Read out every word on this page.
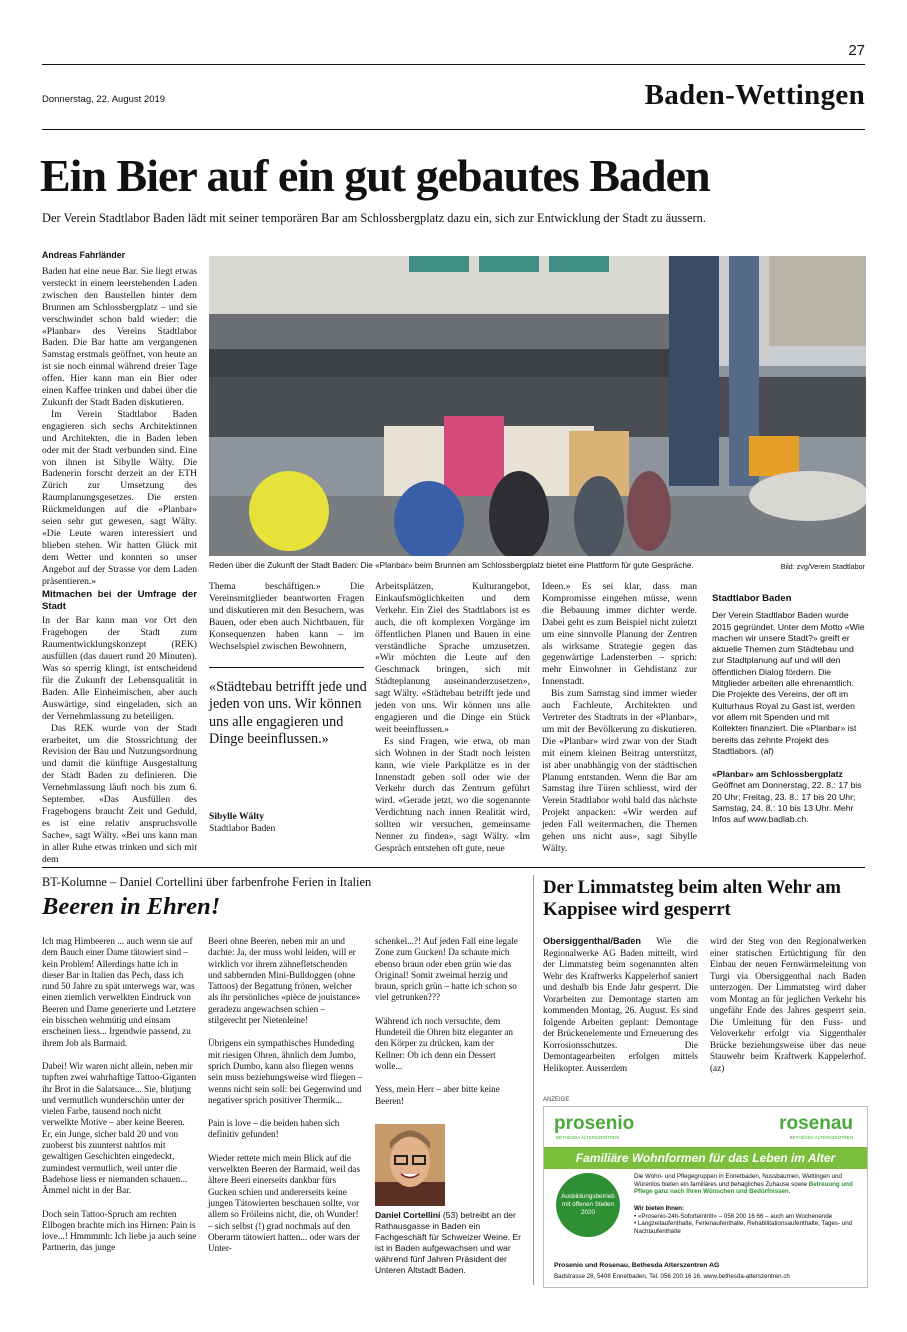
27
Donnerstag, 22. August 2019	Baden-Wettingen
Ein Bier auf ein gut gebautes Baden
Der Verein Stadtlabor Baden lädt mit seiner temporären Bar am Schlossbergplatz dazu ein, sich zur Entwicklung der Stadt zu äussern.
Andreas Fahrländer

Baden hat eine neue Bar. Sie liegt etwas versteckt in einem leerstehenden Laden zwischen den Baustellen hinter dem Brunnen am Schlossbergplatz – und sie verschwindet schon bald wieder: die «Planbar» des Vereins Stadtlabor Baden. Die Bar hatte am vergangenen Samstag erstmals geöffnet, von heute an ist sie noch einmal während dreier Tage offen. Hier kann man ein Bier oder einen Kaffee trinken und dabei über die Zukunft der Stadt Baden diskutieren.

Im Verein Stadtlabor Baden engagieren sich sechs Architektinnen und Architekten, die in Baden leben oder mit der Stadt verbunden sind. Eine von ihnen ist Sibylle Wälty. Die Badenerin forscht derzeit an der ETH Zürich zur Umsetzung des Raumplanungsgesetzes. Die ersten Rückmeldungen auf die «Planbar» seien sehr gut gewesen, sagt Wälty. «Die Leute waren interessiert und blieben stehen. Wir hatten Glück mit dem Wetter und konnten so unser Angebot auf der Strasse vor dem Laden präsentieren.»

Mitmachen bei der Umfrage der Stadt

In der Bar kann man vor Ort den Fragebogen der Stadt zum Raumentwicklungskonzept (REK) ausfüllen (das dauert rund 20 Minuten). Was so sperrig klingt, ist entscheidend für die Zukunft der Lebensqualität in Baden. Alle Einheimischen, aber auch Auswärtige, sind eingeladen, sich an der Vernehmlassung zu beteiligen.

Das REK wurde von der Stadt erarbeitet, um die Stossrichtung der Revision der Bau und Nutzungsordnung und damit die künftige Ausgestaltung der Stadt Baden zu definieren. Die Vernehmlassung läuft noch bis zum 6. September. «Das Ausfüllen des Fragebogens braucht Zeit und Geduld, es ist eine relativ anspruchsvolle Sache», sagt Wälty. «Bei uns kann man in aller Ruhe etwas trinken und sich mit dem

Reden über die Zukunft der Stadt Baden: Die «Planbar» beim Brunnen am Schlossbergplatz bietet eine Plattform für gute Gespräche.	Bild: zvg/Verein Stadtlabor

Thema beschäftigen.» Die Vereinsmitglieder beantworten Fragen und diskutieren mit den Besuchern, was Bauen, oder eben auch Nichtbauen, für Konsequenzen haben kann – im Wechselspiel zwischen Bewohnern,

«Städtebau betrifft jede und jeden von uns. Wir können uns alle engagieren und Dinge beeinflussen.»
Sibylle Wälty
Stadtlabor Baden

Arbeitsplätzen, Kulturangebot, Einkaufsmöglichkeiten und dem Verkehr. Ein Ziel des Stadtlabors ist es auch, die oft komplexen Vorgänge im öffentlichen Planen und Bauen in eine verständliche Sprache umzusetzen. «Wir möchten die Leute auf den Geschmack bringen, sich mit Städteplanung auseinanderzusetzen», sagt Wälty. «Städtebau betrifft jede und jeden von uns. Wir können uns alle engagieren und die Dinge ein Stück weit beeinflussen.»

Es sind Fragen, wie etwa, ob man sich Wohnen in der Stadt noch leisten kann, wie viele Parkplätze es in der Innenstadt geben soll oder wie der Verkehr durch das Zentrum geführt wird. «Gerade jetzt, wo die sogenannte Verdichtung nach innen Realität wird, sollten wir versuchen, gemeinsame Nenner zu finden», sagt Wälty. «Im Gespräch entstehen oft gute, neue

Ideen.» Es sei klar, dass man Kompromisse eingehen müsse, wenn die Bebauung immer dichter werde. Dabei geht es zum Beispiel nicht zuletzt um eine sinnvolle Planung der Zentren als wirksame Strategie gegen das gegenwärtige Ladensterben – sprich: mehr Einwohner in Gehdistanz zur Innenstadt.

Bis zum Samstag sind immer wieder auch Fachleute, Architekten und Vertreter des Stadtrats in der «Planbar», um mit der Bevölkerung zu diskutieren. Die «Planbar» wird zwar von der Stadt mit einem kleinen Beitrag unterstützt, ist aber unabhängig von der städtischen Planung entstanden. Wenn die Bar am Samstag ihre Türen schliesst, wird der Verein Stadtlabor wohl bald das nächste Projekt anpacken: «Wir werden auf jeden Fall weitermachen, die Themen gehen uns nicht aus», sagt Sibylle Wälty.

Stadtlabor Baden
Der Verein Stadtlabor Baden wurde 2015 gegründet. Unter dem Motto «Wie machen wir unsere Stadt?» greift er aktuelle Themen zum Städtebau und zur Stadtplanung auf und will den öffentlichen Dialog fördern. Die Mitglieder arbeiten alle ehrenamtlich. Die Projekte des Vereins, der oft im Kulturhaus Royal zu Gast ist, werden vor allem mit Spenden und mit Kollekten finanziert. Die «Planbar» ist bereits das zehnte Projekt des Stadtlabors. (af)
«Planbar» am Schlossbergplatz
Geöffnet am Donnerstag, 22. 8.: 17 bis 20 Uhr; Freitag, 23. 8.: 17 bis 20 Uhr; Samstag, 24. 8.: 10 bis 13 Uhr. Mehr Infos auf www.badlab.ch.
BT-Kolumne – Daniel Cortellini über farbenfrohe Ferien in Italien
Beeren in Ehren!

Ich mag Himbeeren ... auch wenn sie auf dem Bauch einer Dame tätowiert sind – kein Problem! Allerdings hatte ich in dieser Bar in Italien das Pech, dass ich rund 50 Jahre zu spät unterwegs war, was einen ziemlich verwelkten Eindruck von Beeren und Dame generierte und Letztere ein bisschen wehmütig und einsam erscheinen liess... Irgendwie passend, zu ihrem Job als Barmaid.

Dabei! Wir waren nicht allein, neben mir tupften zwei wahrhaftige Tattoo-Giganten ihr Brot in die Salatsauce... Sie, blutjung und vermutlich wunderschön unter der vielen Farbe, tausend noch nicht verwelkte Motive – aber keine Beeren. Er, ein Junge, sicher bald 20 und von zuoberst bis zuunterst nahtlos mit gewaltigen Geschichten eingedeckt, zumindest vermutlich, weil unter die Badehose liess er niemanden schauen... Ämmel nicht in der Bar.

Doch sein Tattoo-Spruch am rechten Ellbogen brachte mich ins Hirnen: Pain is love...! Hmmmmh: Ich liebe ja auch seine Partnerin, das junge

Beeri ohne Beeren, neben mir an und dachte: Ja, der muss wohl leiden, will er wirklich vor ihrem zähnefletschenden und sabbernden Mini-Bulldoggen (ohne Tattoos) der Begattung frönen, welcher als ihr persönliches «pièce de jouistance» geradezu angewachsen schien – stilgerecht per Nietenleine!

Übrigens ein sympathisches Hundeding mit riesigen Ohren, ähnlich dem Jumbo, sprich Dumbo, kann also fliegen wenns sein muss beziehungsweise wird fliegen – wenns nicht sein soll: bei Gegenwind und negativer sprich positiver Thermik...

Pain is love – die beiden haben sich definitiv gefunden!

Wieder rettete mich mein Blick auf die verwelkten Beeren der Barmaid, weil das ältere Beeri einerseits dankbar fürs Gucken schien und andererseits keine jungen Tätowierten beschauen sollte, vor allem so Fröileins nicht, die, oh Wunder! – sich selbst (!) grad nochmals auf den Oberarm tätowiert hatten... oder wars der Unter-

schenkel...?! Auf jeden Fall eine legale Zone zum Gucken! Da schaute mich ebenso braun oder eben grün wie das Original! Somit zweimal herzig und braun, sprich grün – hatte ich schon so viel getrunken???

Während ich noch versuchte, dem Hundeteil die Ohren bitz eleganter an den Körper zu drücken, kam der Kellner: Ob ich denn ein Dessert wolle...

Yess, mein Herr – aber bitte keine Beeren!

Daniel Cortellini (53) betreibt an der Rathausgasse in Baden ein Fachgeschäft für Schweizer Weine. Er ist in Baden aufgewachsen und war während fünf Jahren Präsident der Unteren Altstadt Baden.
Der Limmatsteg beim alten Wehr am Kappisee wird gesperrt

Obersiggenthal/Baden Wie die Regionalwerke AG Baden mitteilt, wird der Limmatsteg beim sogenannten alten Wehr des Kraftwerks Kappelerhof saniert und deshalb bis Ende Jahr gesperrt. Die Vorarbeiten zur Demontage starten am kommenden Montag, 26. August. Es sind folgende Arbeiten geplant: Demontage der Brückenelemente und Erneuerung des Korrosionsschutzes. Die Demontagearbeiten erfolgen mittels Helikopter. Ausserdem

wird der Steg von den Regionalwerken einer statischen Ertüchtigung für den Einbau der neuen Fernwärmeleitung von Turgi via Obersiggenthal nach Baden unterzogen. Der Limmatsteg wird daher vom Montag an für jeglichen Verkehr bis ungefähr Ende des Jahres gesperrt sein. Die Umleitung für den Fuss- und Veloverkehr erfolgt via Siggenthaler Brücke beziehungsweise über das neue Stauwehr beim Kraftwerk Kappelerhof. (az)

ANZEIGE
prosenio
BETHESDA ALTERSZENTREN
rosenau
BETHESDA ALTERSZENTREN
Familiäre Wohnformen für das Leben im Alter
Ausbildungsbetrieb mit offenen Stellen 2020
Die Wohn- und Pflegegruppen in Ennetbaden, Nussbaumen, Wettingen und Würenlos bieten ein familiäres und behagliches Zuhause sowie Betreuung und Pflege ganz nach Ihren Wünschen und Bedürfnissen.
Wir bieten Ihnen:
• «Prosenio-24h-Soforteintritt» – 056 200 16 66 – auch am Wochenende
• Langzeitaufenthalte, Ferienaufenthalte, Rehabilitationsaufenthalte, Tages- und Nachtaufenthalte
Prosenio und Rosenau, Bethesda Alterszentren AG
Badstrasse 28, 5408 Ennetbaden, Tel. 056 200 16 16, www.bethesda-alterszentren.ch
